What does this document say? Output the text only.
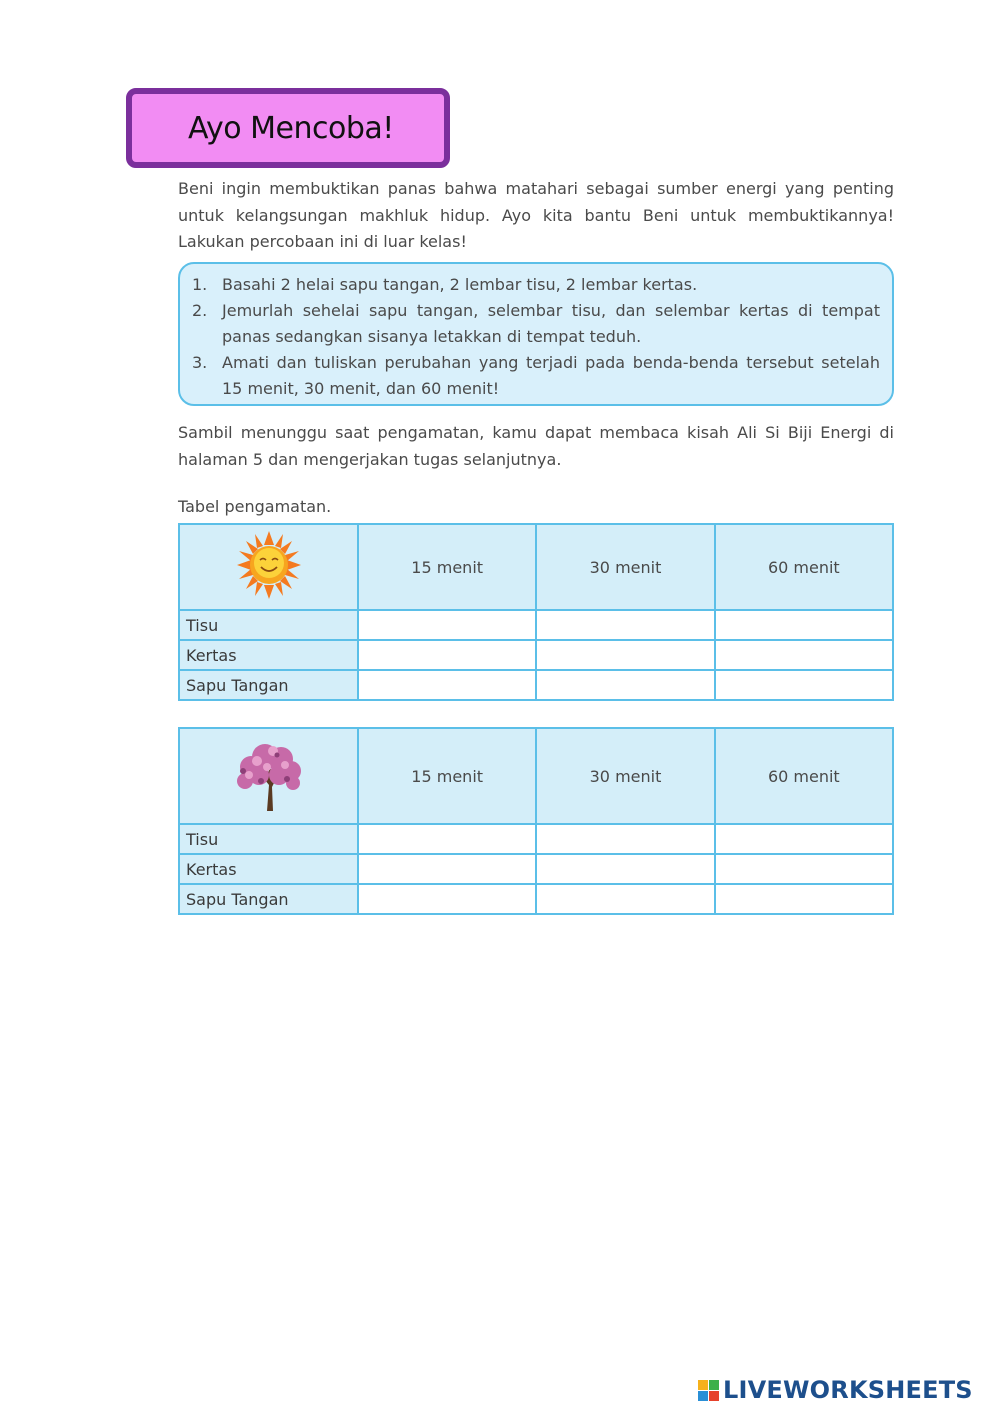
Ayo Mencoba!
Beni ingin membuktikan panas bahwa matahari sebagai sumber energi yang penting untuk kelangsungan makhluk hidup. Ayo kita bantu Beni untuk membuktikannya! Lakukan percobaan ini di luar kelas!
1. Basahi 2 helai sapu tangan, 2 lembar tisu, 2 lembar kertas.
2. Jemurlah sehelai sapu tangan, selembar tisu, dan selembar kertas di tempat panas sedangkan sisanya letakkan di tempat teduh.
3. Amati dan tuliskan perubahan yang terjadi pada benda-benda tersebut setelah 15 menit, 30 menit, dan 60 menit!
Sambil menunggu saat pengamatan, kamu dapat membaca kisah Ali Si Biji Energi di halaman 5 dan mengerjakan tugas selanjutnya.
Tabel pengamatan.
	15 menit	30 menit	60 menit
Tisu			
Kertas			
Sapu Tangan			
	15 menit	30 menit	60 menit
Tisu			
Kertas			
Sapu Tangan			
LIVEWORKSHEETS
